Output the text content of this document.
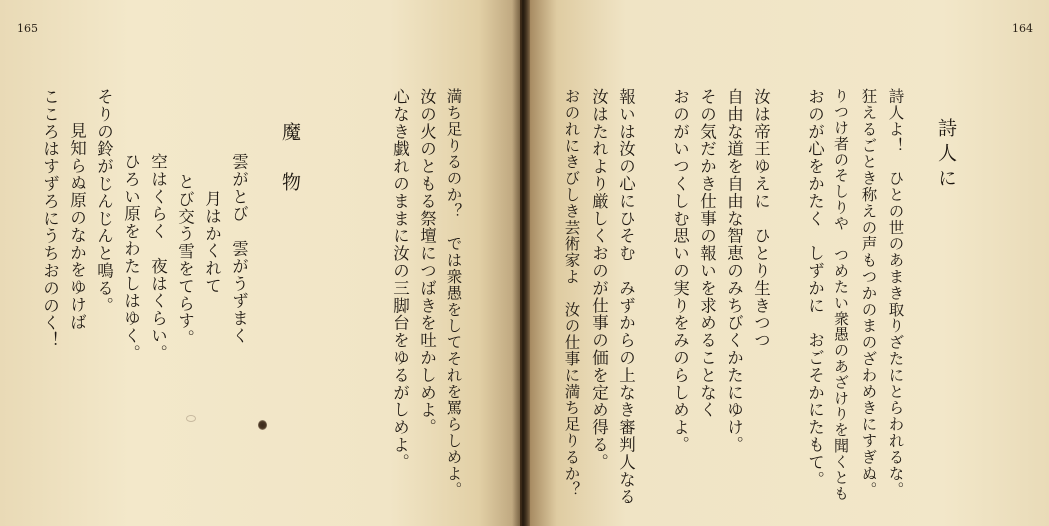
165
満ち足りるのか？　では衆愚をしてそれを罵らしめよ。
汝の火のともる祭壇につばきを吐かしめよ。
心なき戯れのままに汝の三脚台をゆるがしめよ。
魔　物
雲がとび　雲がうずまく
月はかくれて
とび交う雪をてらす。
空はくらく　夜はくらい。
ひろい原をわたしはゆく。
そりの鈴がじんじんと鳴る。
見知らぬ原のなかをゆけば
こころはすずろにうちおののく！
164
詩人に
詩人よ！　ひとの世のあまき取りざたにとらわれるな。
狂えるごとき称えの声もつかのまのざわめきにすぎぬ。
りつけ者のそしりや　つめたい衆愚のあざけりを聞くとも
おのが心をかたく　しずかに　おごそかにたもて。
汝は帝王ゆえに　ひとり生きつつ
自由な道を自由な智恵のみちびくかたにゆけ。
その気だかき仕事の報いを求めることなく
おのがいつくしむ思いの実りをみのらしめよ。
報いは汝の心にひそむ　みずからの上なき審判人なる
汝はたれより厳しくおのが仕事の価を定め得る。
おのれにきびしき芸術家よ　汝の仕事に満ち足りるか？
